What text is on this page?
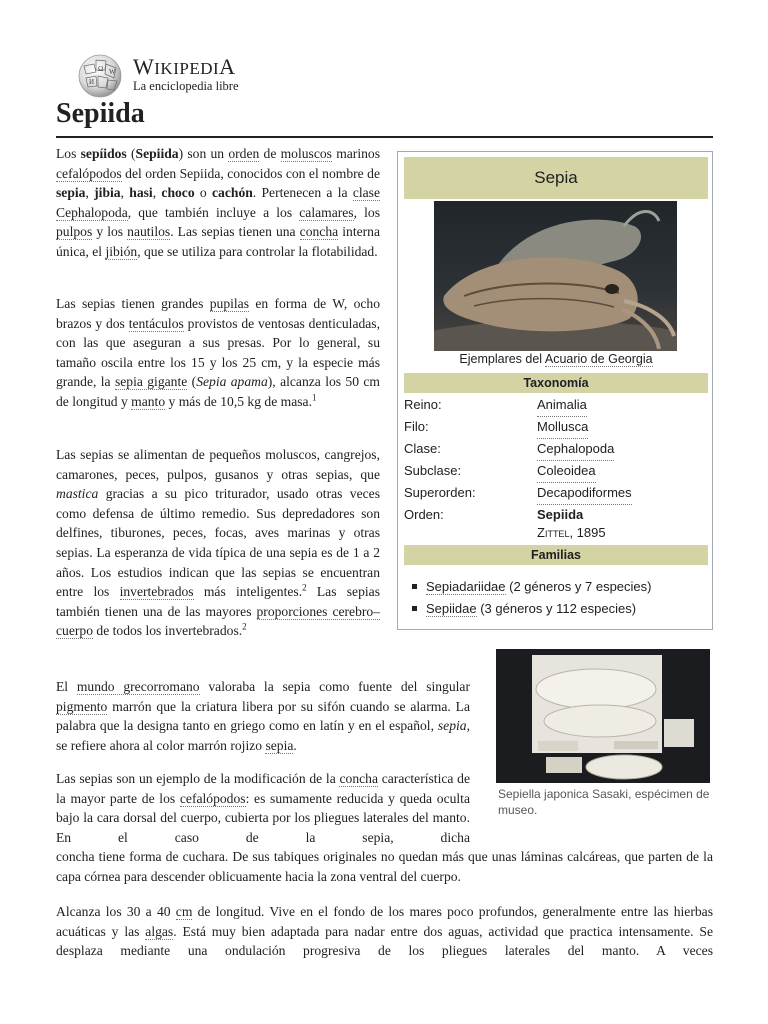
Ω
И
W WIKIPEDIA
La enciclopedia libre
Sepiida

Los sepíidos (Sepiida) son un orden de moluscos marinos cefalópodos del orden Sepiida, conocidos con el nombre de sepia, jibia, hasi, choco o cachón. Pertenecen a la clase Cephalopoda, que también incluye a los calamares, los pulpos y los nautilos. Las sepias tienen una concha interna única, el jibión, que se utiliza para controlar la flotabilidad.

Las sepias tienen grandes pupilas en forma de W, ocho brazos y dos tentáculos provistos de ventosas denticuladas, con las que aseguran a sus presas. Por lo general, su tamaño oscila entre los 15 y los 25 cm, y la especie más grande, la sepia gigante (Sepia apama), alcanza los 50 cm de longitud y manto y más de 10,5 kg de masa.$^1$

Las sepias se alimentan de pequeños moluscos, cangrejos, camarones, peces, pulpos, gusanos y otras sepias, que mastica gracias a su pico triturador, usado otras veces como defensa de último remedio. Sus depredadores son delfines, tiburones, peces, focas, aves marinas y otras sepias. La esperanza de vida típica de una sepia es de 1 a 2 años. Los estudios indican que las sepias se encuentran entre los invertebrados más inteligentes.$^2$ Las sepias también tienen una de las mayores proporciones cerebro–cuerpo de todos los invertebrados.$^2$

El mundo grecorromano valoraba la sepia como fuente del singular pigmento marrón que la criatura libera por su sifón cuando se alarma. La palabra que la designa tanto en griego como en latín y en el español, sepia, se refiere ahora al color marrón rojizo sepia.

Las sepias son un ejemplo de la modificación de la concha característica de la mayor parte de los cefalópodos: es sumamente reducida y queda oculta bajo la cara dorsal del cuerpo, cubierta por los pliegues laterales del manto. En el caso de la sepia, dicha

concha tiene forma de cuchara. De sus tabiques originales no quedan más que unas láminas calcáreas, que parten de la capa córnea para descender oblicuamente hacia la zona ventral del cuerpo.

Alcanza los 30 a 40 cm de longitud. Vive en el fondo de los mares poco profundos, generalmente entre las hierbas acuáticas y las algas. Está muy bien adaptada para nadar entre dos aguas, actividad que practica intensamente. Se desplaza mediante una ondulación progresiva de los pliegues laterales del manto. A veces

Sepia
Ejemplares del Acuario de Georgia
Taxonomía
Reino:	Animalia
Filo:	Mollusca
Clase:	Cephalopoda
Subclase:	Coleoidea
Superorden:	Decapodiformes
Orden:	Sepiida
Zittel, 1895
Familias
Sepiadariidae (2 géneros y 7 especies)
Sepiidae (3 géneros y 112 especies)
Sepiella japonica Sasaki, espécimen de museo.
